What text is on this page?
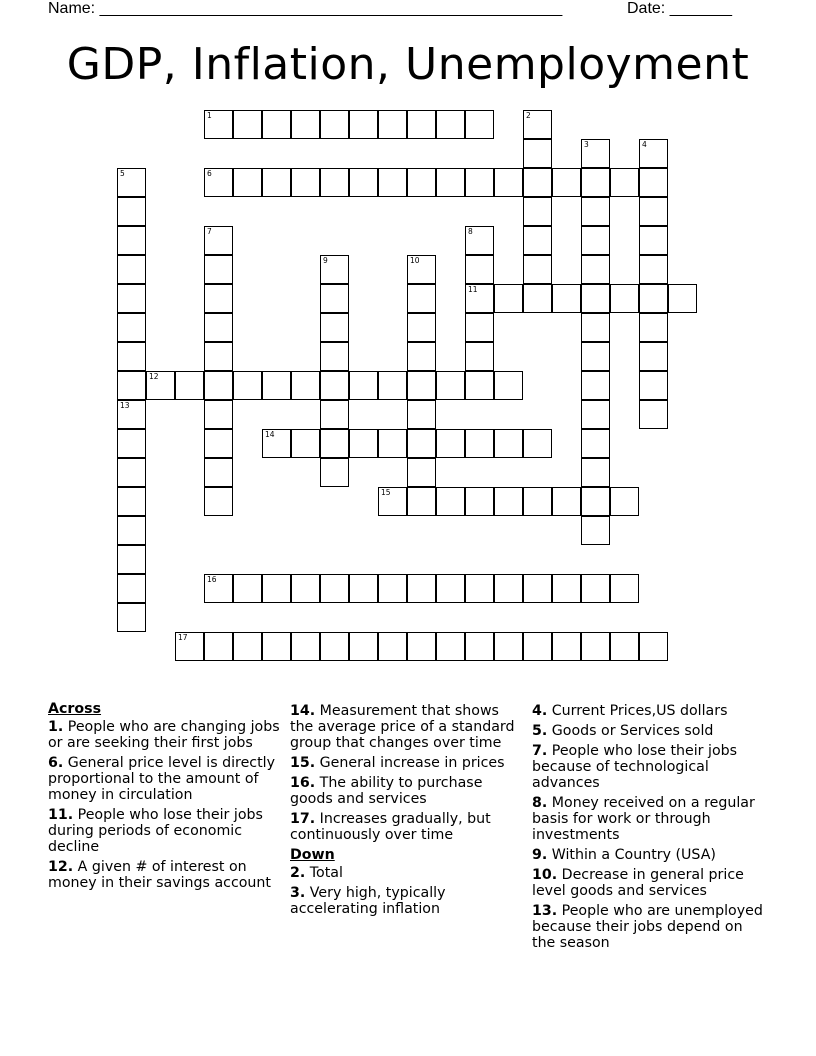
Name: ____________________________________________________	Date: _______
GDP, Inflation, Unemployment
1	2
3	4
5	6
7	8
11
9	10
12
13
14
15
16
17
Across
1. People who are changing jobs or are seeking their first jobs
6. General price level is directly proportional to the amount of money in circulation
11. People who lose their jobs during periods of economic decline
12. A given # of interest on money in their savings account
14. Measurement that shows the average price of a standard group that changes over time
15. General increase in prices
16. The ability to purchase goods and services
17. Increases gradually, but continuously over time
Down
2. Total
3. Very high, typically accelerating inflation
4. Current Prices,US dollars
5. Goods or Services sold
7. People who lose their jobs because of technological advances
8. Money received on a regular basis for work or through investments
9. Within a Country (USA)
10. Decrease in general price level goods and services
13. People who are unemployed because their jobs depend on the season
